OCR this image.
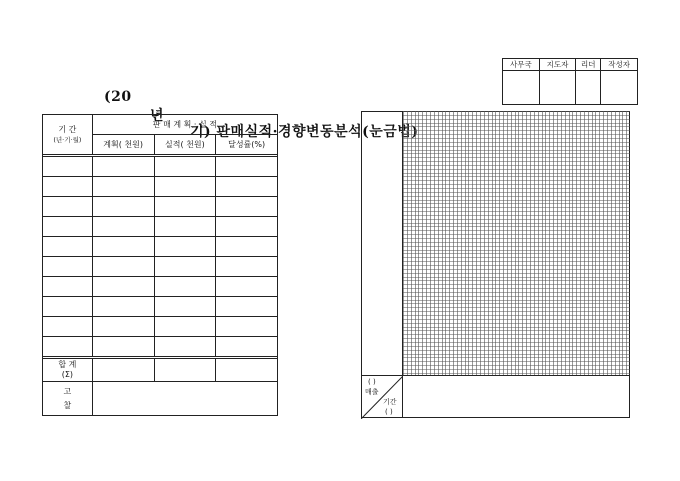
(20

년

기) 판매실적·경향변동분석(눈금법)

사무국	지도자	리더	작성자

기 간
(년·기·월)	판 매 계 획 · 실 적		
	계획( 천원)	실적( 천원)	달성률(%)

합 계
(Σ)			

고
찰			

( )
매출
기간
( )
